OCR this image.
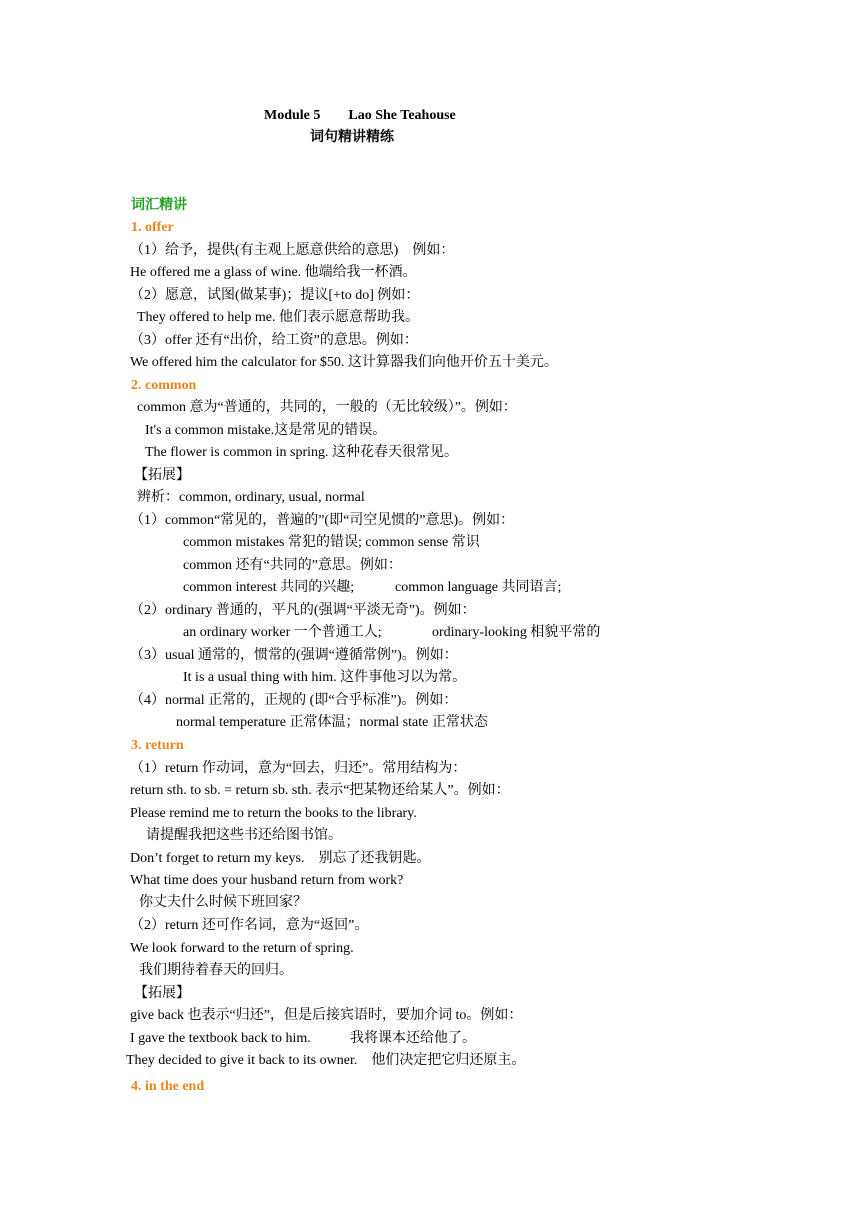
Module 5 Lao She Teahouse
词句精讲精练
词汇精讲
1. offer
（1）给予，提供(有主观上愿意供给的意思)　例如：
He offered me a glass of wine. 他端给我一杯酒。
（2）愿意，试图(做某事)；提议[+to do] 例如：
They offered to help me. 他们表示愿意帮助我。
（3）offer 还有“出价，给工资”的意思。例如：
We offered him the calculator for $50. 这计算器我们向他开价五十美元。
2. common
common 意为“普通的，共同的，一般的（无比较级）”。例如：
It's a common mistake.这是常见的错误。
The flower is common in spring. 这种花春天很常见。
【拓展】
辨析：common, ordinary, usual, normal
（1）common“常见的，普遍的”(即“司空见惯的”意思)。例如：
common mistakes 常犯的错误; common sense 常识
common 还有“共同的”意思。例如：
common interest 共同的兴趣;	common language 共同语言;
（2）ordinary 普通的，平凡的(强调“平淡无奇”)。例如：
an ordinary worker 一个普通工人;	ordinary-looking 相貌平常的
（3）usual 通常的，惯常的(强调“遵循常例”)。例如：
It is a usual thing with him. 这件事他习以为常。
（4）normal 正常的，正规的 (即“合乎标准”)。例如：
normal temperature 正常体温；normal state 正常状态
3. return
（1）return 作动词，意为“回去，归还”。常用结构为：
return sth. to sb. = return sb. sth. 表示“把某物还给某人”。例如：
Please remind me to return the books to the library.
请提醒我把这些书还给图书馆。
Don’t forget to return my keys.　别忘了还我钥匙。
What time does your husband return from work?
你丈夫什么时候下班回家？
（2）return 还可作名词，意为“返回”。
We look forward to the return of spring.
我们期待着春天的回归。
【拓展】
give back 也表示“归还”，但是后接宾语时，要加介词 to。例如：
I gave the textbook back to him.	我将课本还给他了。
They decided to give it back to its owner.　他们决定把它归还原主。
4. in the end
